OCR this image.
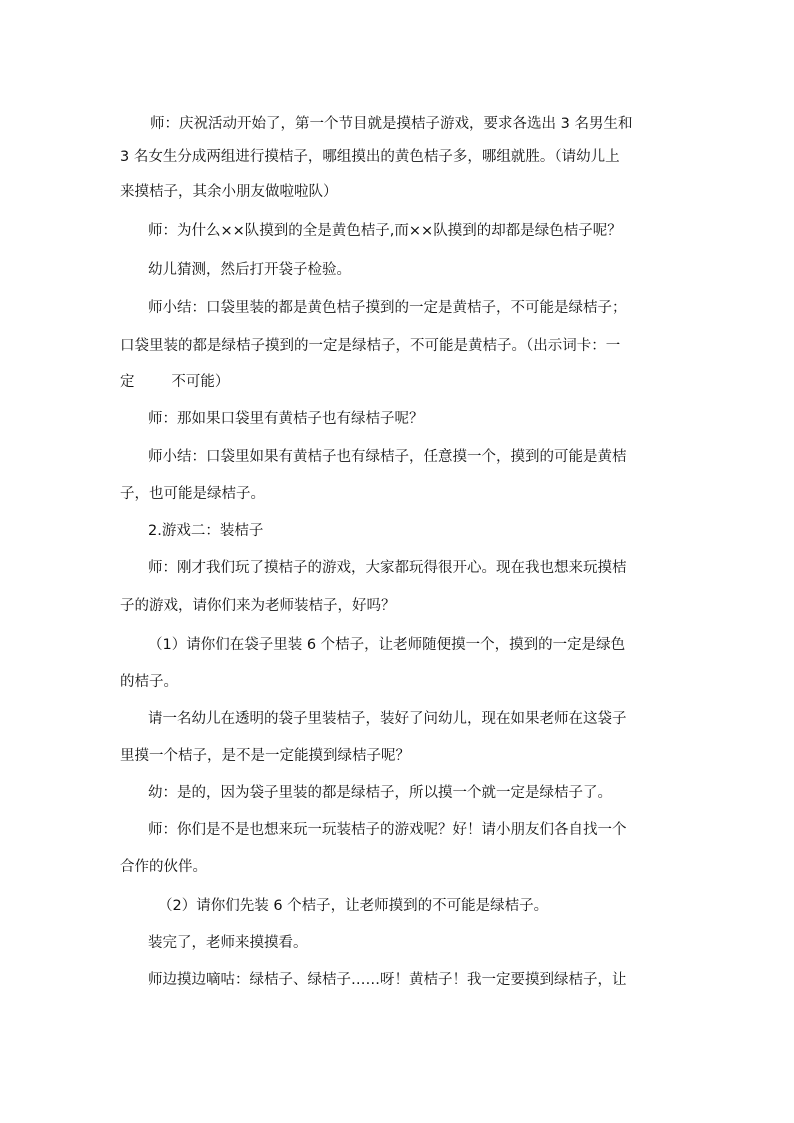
师：庆祝活动开始了，第一个节目就是摸桔子游戏，要求各选出 3 名男生和
3 名女生分成两组进行摸桔子，哪组摸出的黄色桔子多，哪组就胜。（请幼儿上
来摸桔子，其余小朋友做啦啦队）
师：为什么××队摸到的全是黄色桔子,而××队摸到的却都是绿色桔子呢？
幼儿猜测，然后打开袋子检验。
师小结：口袋里装的都是黄色桔子摸到的一定是黄桔子，不可能是绿桔子；
口袋里装的都是绿桔子摸到的一定是绿桔子，不可能是黄桔子。（出示词卡：一
定        不可能）
师：那如果口袋里有黄桔子也有绿桔子呢？
师小结：口袋里如果有黄桔子也有绿桔子，任意摸一个，摸到的可能是黄桔
子，也可能是绿桔子。
2.游戏二：装桔子
师：刚才我们玩了摸桔子的游戏，大家都玩得很开心。现在我也想来玩摸桔
子的游戏，请你们来为老师装桔子，好吗？
（1）请你们在袋子里装 6 个桔子，让老师随便摸一个，摸到的一定是绿色
的桔子。
请一名幼儿在透明的袋子里装桔子，装好了问幼儿，现在如果老师在这袋子
里摸一个桔子，是不是一定能摸到绿桔子呢？
幼：是的，因为袋子里装的都是绿桔子，所以摸一个就一定是绿桔子了。
师：你们是不是也想来玩一玩装桔子的游戏呢？好！请小朋友们各自找一个
合作的伙伴。
（2）请你们先装 6 个桔子，让老师摸到的不可能是绿桔子。
装完了，老师来摸摸看。
师边摸边嘀咕：绿桔子、绿桔子……呀！黄桔子！我一定要摸到绿桔子，让
